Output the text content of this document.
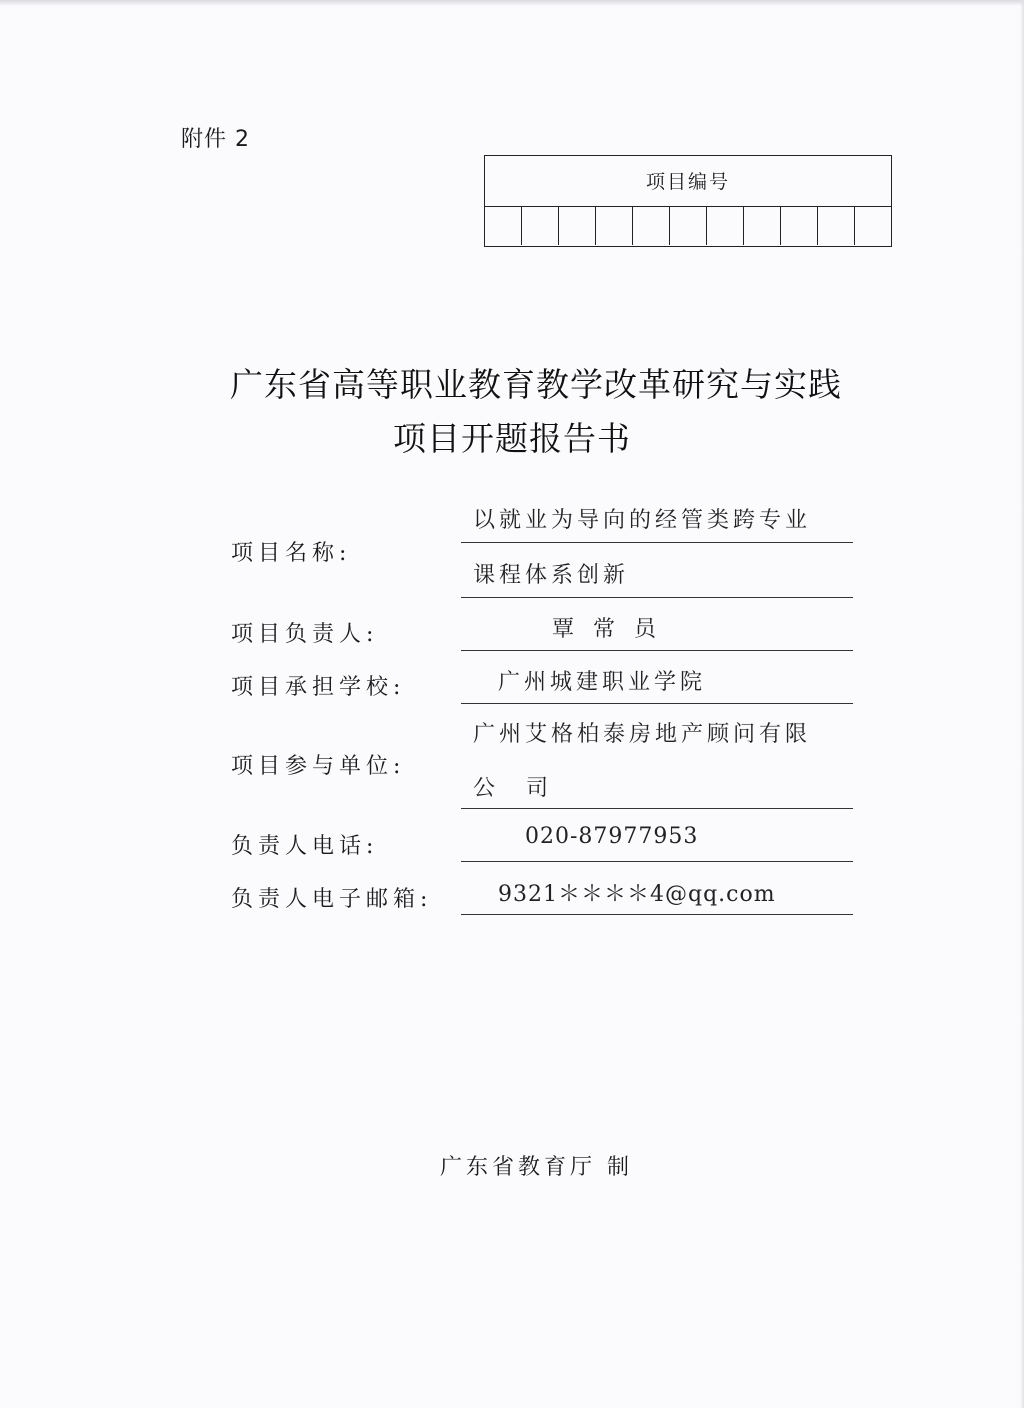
附件 2
项目编号
广东省高等职业教育教学改革研究与实践
项目开题报告书
项目名称:
以就业为导向的经管类跨专业
课程体系创新
项目负责人:	覃 常 员
项目承担学校:	广州城建职业学院
项目参与单位:
广州艾格柏泰房地产顾问有限
公 司
负责人电话:	020-87977953
负责人电子邮箱:	9321＊＊＊＊4@qq.com
广东省教育厅 制
